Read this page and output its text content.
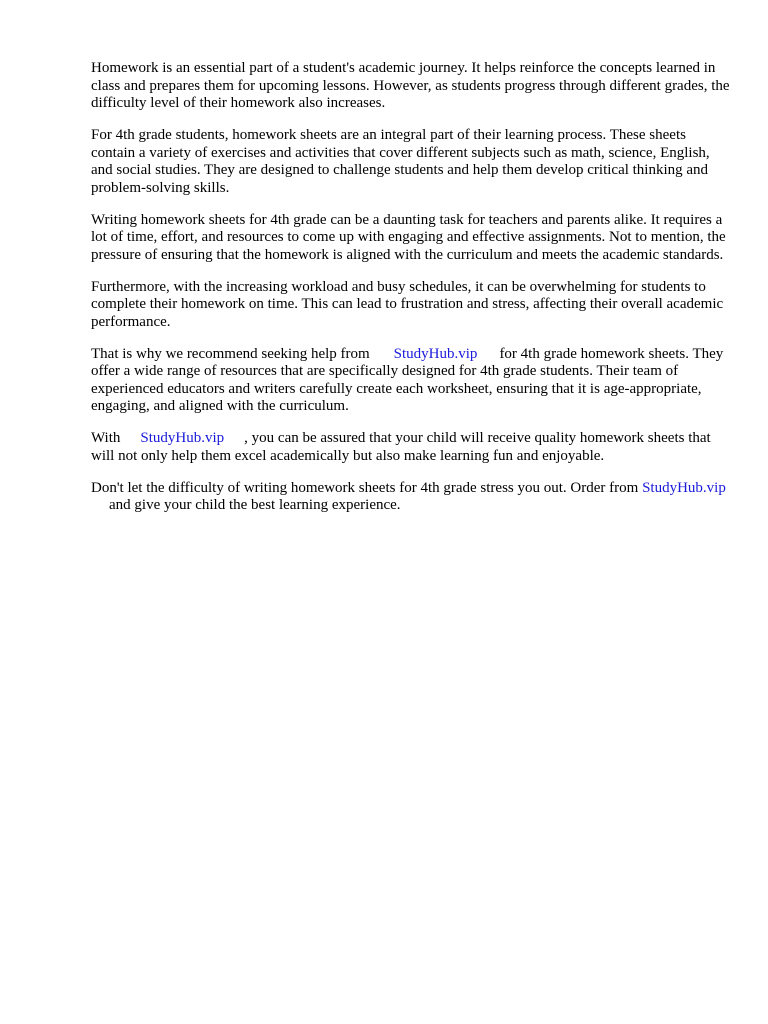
Homework is an essential part of a student's academic journey. It helps reinforce the concepts learned in class and prepares them for upcoming lessons. However, as students progress through different grades, the difficulty level of their homework also increases.

For 4th grade students, homework sheets are an integral part of their learning process. These sheets contain a variety of exercises and activities that cover different subjects such as math, science, English, and social studies. They are designed to challenge students and help them develop critical thinking and problem-solving skills.

Writing homework sheets for 4th grade can be a daunting task for teachers and parents alike. It requires a lot of time, effort, and resources to come up with engaging and effective assignments. Not to mention, the pressure of ensuring that the homework is aligned with the curriculum and meets the academic standards.

Furthermore, with the increasing workload and busy schedules, it can be overwhelming for students to complete their homework on time. This can lead to frustration and stress, affecting their overall academic performance.

That is why we recommend seeking help from StudyHub.vip for 4th grade homework sheets. They offer a wide range of resources that are specifically designed for 4th grade students. Their team of experienced educators and writers carefully create each worksheet, ensuring that it is age-appropriate, engaging, and aligned with the curriculum.

With StudyHub.vip , you can be assured that your child will receive quality homework sheets that will not only help them excel academically but also make learning fun and enjoyable.

Don't let the difficulty of writing homework sheets for 4th grade stress you out. Order from StudyHub.vipand give your child the best learning experience.
